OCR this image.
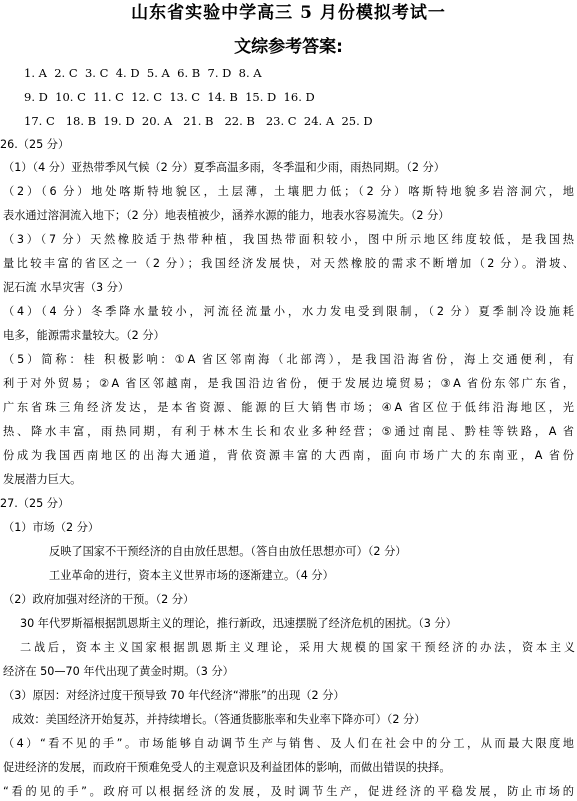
山东省实验中学高三 5 月份模拟考试一
文综参考答案:
1. A  2. C  3. C  4. D  5. A  6. B  7. D  8. A
9. D  10. C  11. C  12. C  13. C  14. B  15. D  16. D
17. C   18. B  19. D  20. A   21. B   22. B   23. C  24. A  25. D
26.（25 分）
（1）（4 分）亚热带季风气候（2 分）夏季高温多雨，冬季温和少雨，雨热同期。（2 分）
（2）（6 分）地处喀斯特地貌区，土层薄，土壤肥力低；（2 分）喀斯特地貌多岩溶洞穴，地
表水通过溶洞流入地下；（2 分）地表植被少，涵养水源的能力，地表水容易流失。（2 分）
（3）（7 分）天然橡胶适于热带种植，我国热带面积较小，图中所示地区纬度较低，是我国热
量比较丰富的省区之一（2 分）；我国经济发展快，对天然橡胶的需求不断增加（2 分）。滑坡、
泥石流 水旱灾害（3 分）
（4）（4 分）冬季降水量较小，河流径流量小，水力发电受到限制，（2 分）夏季制冷设施耗
电多，能源需求量较大。（2 分）
（5）简称：桂 积极影响：①A 省区邻南海（北部湾），是我国沿海省份，海上交通便利，有
利于对外贸易；②A 省区邻越南，是我国沿边省份，便于发展边境贸易；③A 省份东邻广东省，
广东省珠三角经济发达，是本省资源、能源的巨大销售市场；④A 省区位于低纬沿海地区，光
热、降水丰富，雨热同期，有利于林木生长和农业多种经营；⑤通过南昆、黔桂等铁路，A 省
份成为我国西南地区的出海大通道，背依资源丰富的大西南，面向市场广大的东南亚，A 省份
发展潜力巨大。
27.（25 分）
（1）市场（2 分）
反映了国家不干预经济的自由放任思想。（答自由放任思想亦可）（2 分）
工业革命的进行，资本主义世界市场的逐渐建立。（4 分）
（2）政府加强对经济的干预。（2 分）
30 年代罗斯福根据凯恩斯主义的理论，推行新政，迅速摆脱了经济危机的困扰。（3 分）
二战后，资本主义国家根据凯恩斯主义理论，采用大规模的国家干预经济的办法，资本主义
经济在 50—70 年代出现了黄金时期。（3 分）
（3）原因：对经济过度干预导致 70 年代经济“滞胀”的出现（2 分）
成效：美国经济开始复苏，并持续增长。（答通货膨胀率和失业率下降亦可）（2 分）
（4）“看不见的手”。市场能够自动调节生产与销售、及人们在社会中的分工，从而最大限度地
促进经济的发展，而政府干预难免受人的主观意识及利益团体的影响，而做出错误的抉择。
“看的见的手”。政府可以根据经济的发展，及时调节生产，促进经济的平稳发展，防止市场的
